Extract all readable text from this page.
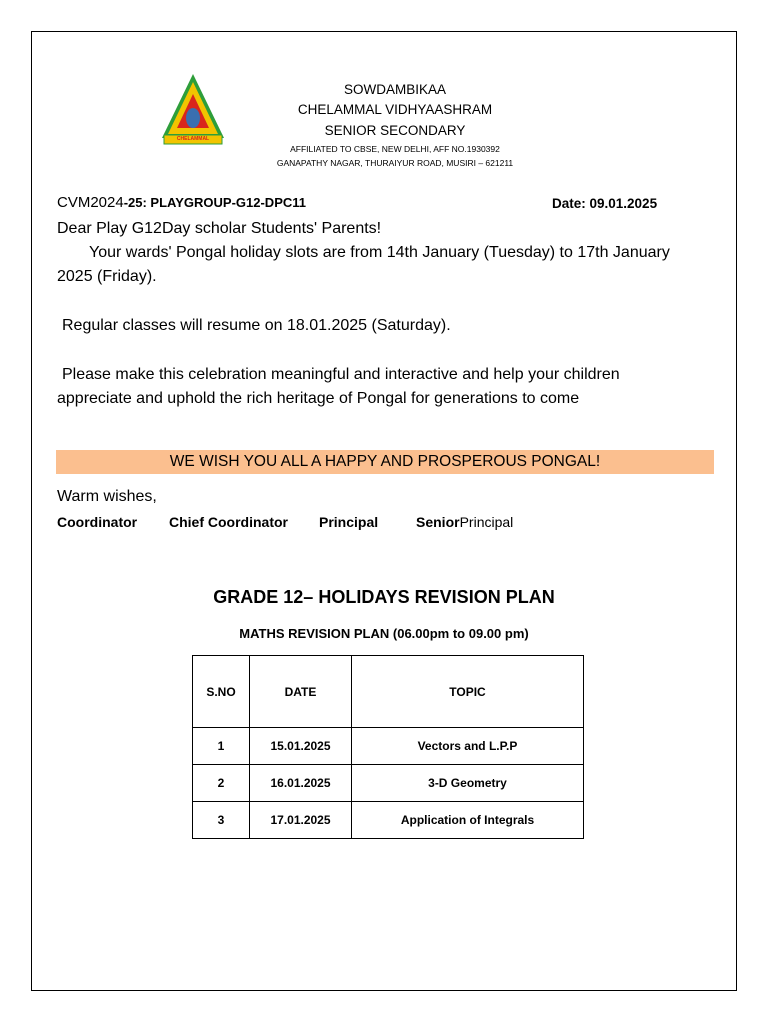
CHELAMMAL
SOWDAMBIKAA
CHELAMMAL VIDHYAASHRAM
SENIOR SECONDARY
AFFILIATED TO CBSE, NEW DELHI, AFF NO.1930392
GANAPATHY NAGAR, THURAIYUR ROAD, MUSIRI – 621211
CVM2024-25: PLAYGROUP-G12-DPC11	Date: 09.01.2025
Dear Play G12Day scholar Students' Parents!
Your wards' Pongal holiday slots are from 14th January (Tuesday) to 17th January 2025 (Friday).
Regular classes will resume on 18.01.2025 (Saturday).
Please make this celebration meaningful and interactive and help your children appreciate and uphold the rich heritage of Pongal for generations to come
WE WISH YOU ALL A HAPPY AND PROSPEROUS PONGAL!
Warm wishes,
Coordinator Chief Coordinator Principal	SeniorPrincipal
GRADE 12– HOLIDAYS REVISION PLAN
MATHS REVISION PLAN (06.00pm to 09.00 pm)
S.NO	DATE	TOPIC
1	15.01.2025	Vectors and L.P.P
2	16.01.2025	3-D Geometry
3	17.01.2025	Application of Integrals
